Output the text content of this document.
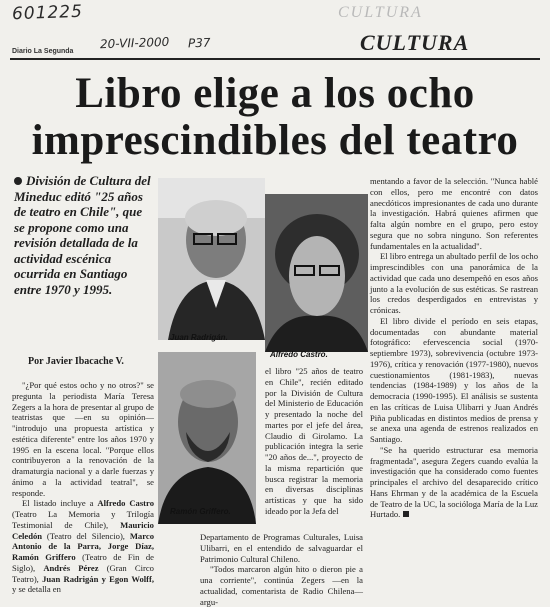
601225
20-VII-2000 P37
CULTURA
Diario La Segunda	CULTURA
Libro elige a los ocho imprescindibles del teatro
División de Cultura del Mineduc editó "25 años de teatro en Chile", que se propone como una revisión detallada de la actividad escénica ocurrida en Santiago entre 1970 y 1995.
Por Javier Ibacache V.

"¿Por qué estos ocho y no otros?" se pregunta la periodista María Teresa Zegers a la hora de presentar al grupo de teatristas que —en su opinión— "introdujo una propuesta artística y estética diferente" entre los años 1970 y 1995 en la escena local. "Porque ellos contribuyeron a la renovación de la dramaturgia nacional y a darle fuerzas y ánimo a la actividad teatral", se responde.

El listado incluye a Alfredo Castro (Teatro La Memoria y Trilogía Testimonial de Chile), Mauricio Celedón (Teatro del Silencio), Marco Antonio de la Parra, Jorge Díaz, Ramón Griffero (Teatro de Fin de Siglo), Andrés Pérez (Gran Circo Teatro), Juan Radrigán y Egon Wolff, y se detalla en

Juan Radrigán.
Alfredo Castro.
Ramón Griffero.

el libro "25 años de teatro en Chile", recién editado por la División de Cultura del Ministerio de Educación y presentado la noche del martes por el jefe del área, Claudio di Girolamo. La publicación integra la serie "20 años de...", proyecto de la misma repartición que busca registrar la memoria en diversas disciplinas artísticas y que ha sido ideado por la Jefa del

Departamento de Programas Culturales, Luisa Ulibarri, en el entendido de salvaguardar el Patrimonio Cultural Chileno.

"Todos marcaron algún hito o dieron pie a una corriente", continúa Zegers —en la actualidad, comentarista de Radio Chilena— argu-

mentando a favor de la selección. "Nunca hablé con ellos, pero me encontré con datos anecdóticos impresionantes de cada uno durante la investigación. Habrá quienes afirmen que falta algún nombre en el grupo, pero estoy segura que no sobra ninguno. Son referentes fundamentales en la actualidad".

El libro entrega un abultado perfil de los ocho imprescindibles con una panorámica de la actividad que cada uno desempeñó en esos años junto a la evolución de sus estéticas. Se rastrean los credos desperdigados en entrevistas y crónicas.

El libro divide el período en seis etapas, documentadas con abundante material fotográfico: efervescencia social (1970-septiembre 1973), sobrevivencia (octubre 1973-1976), crítica y renovación (1977-1980), nuevos cuestionamientos (1981-1983), nuevas tendencias (1984-1989) y los años de la democracia (1990-1995). El análisis se sustenta en las críticas de Luisa Ulibarri y Juan Andrés Piña publicadas en distintos medios de prensa y se anexa una agenda de estrenos realizados en Santiago.

"Se ha querido estructurar esa memoria fragmentada", asegura Zegers cuando evalúa la investigación que ha considerado como fuentes principales el archivo del desaparecido crítico Hans Ehrman y de la académica de la Escuela de Teatro de la UC, la socióloga María de la Luz Hurtado.
